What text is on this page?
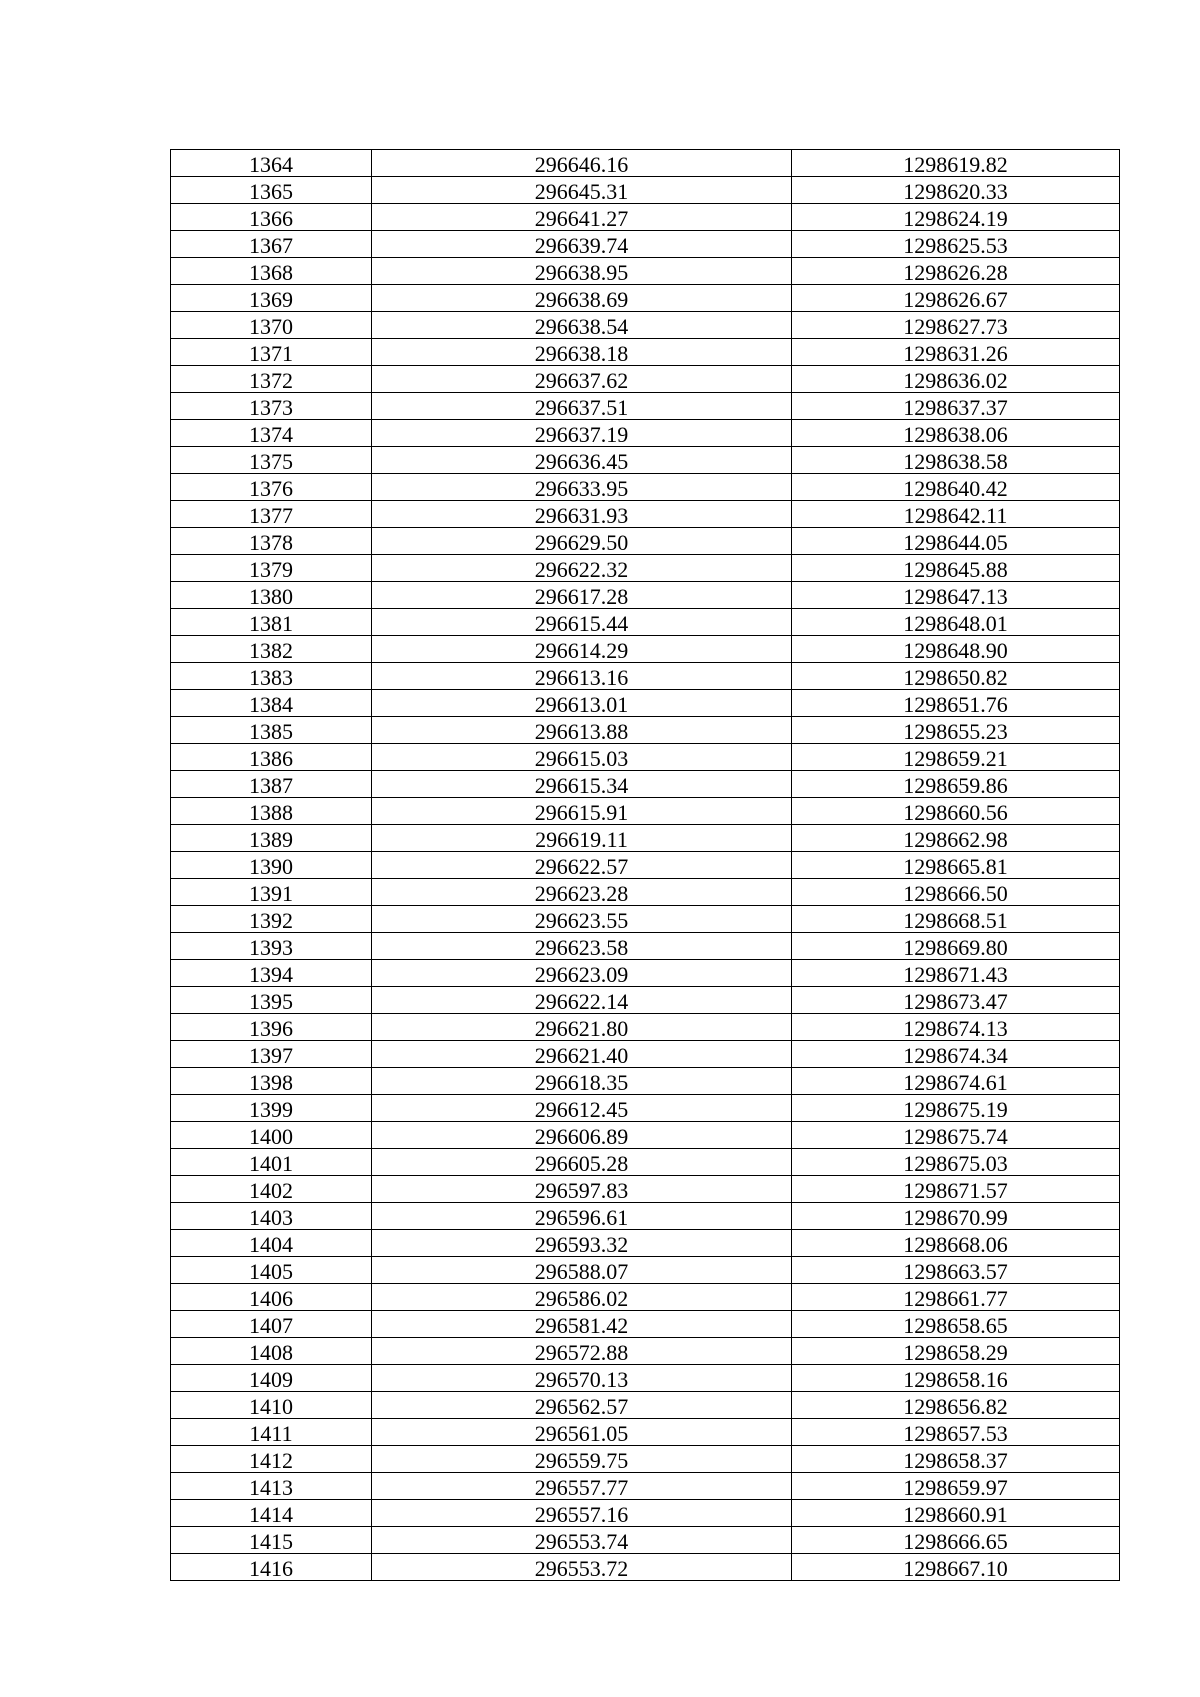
1364	296646.16	1298619.82
1365	296645.31	1298620.33
1366	296641.27	1298624.19
1367	296639.74	1298625.53
1368	296638.95	1298626.28
1369	296638.69	1298626.67
1370	296638.54	1298627.73
1371	296638.18	1298631.26
1372	296637.62	1298636.02
1373	296637.51	1298637.37
1374	296637.19	1298638.06
1375	296636.45	1298638.58
1376	296633.95	1298640.42
1377	296631.93	1298642.11
1378	296629.50	1298644.05
1379	296622.32	1298645.88
1380	296617.28	1298647.13
1381	296615.44	1298648.01
1382	296614.29	1298648.90
1383	296613.16	1298650.82
1384	296613.01	1298651.76
1385	296613.88	1298655.23
1386	296615.03	1298659.21
1387	296615.34	1298659.86
1388	296615.91	1298660.56
1389	296619.11	1298662.98
1390	296622.57	1298665.81
1391	296623.28	1298666.50
1392	296623.55	1298668.51
1393	296623.58	1298669.80
1394	296623.09	1298671.43
1395	296622.14	1298673.47
1396	296621.80	1298674.13
1397	296621.40	1298674.34
1398	296618.35	1298674.61
1399	296612.45	1298675.19
1400	296606.89	1298675.74
1401	296605.28	1298675.03
1402	296597.83	1298671.57
1403	296596.61	1298670.99
1404	296593.32	1298668.06
1405	296588.07	1298663.57
1406	296586.02	1298661.77
1407	296581.42	1298658.65
1408	296572.88	1298658.29
1409	296570.13	1298658.16
1410	296562.57	1298656.82
1411	296561.05	1298657.53
1412	296559.75	1298658.37
1413	296557.77	1298659.97
1414	296557.16	1298660.91
1415	296553.74	1298666.65
1416	296553.72	1298667.10
